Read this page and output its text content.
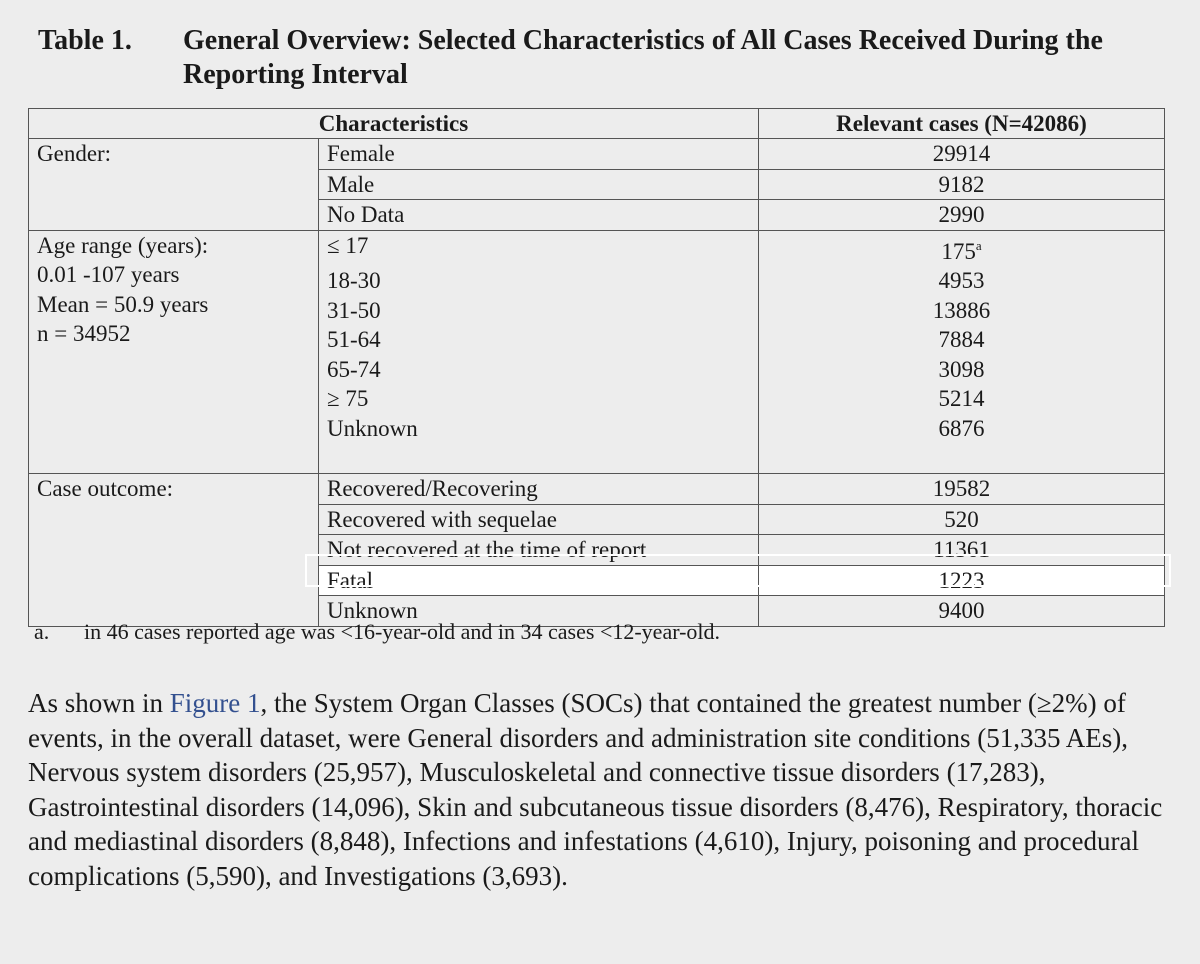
Table 1. General Overview: Selected Characteristics of All Cases Received During the Reporting Interval
Characteristics		Relevant cases (N=42086)
Gender:	Female	29914
	Male	9182
	No Data	2990

Age range (years):
0.01 -107 years
Mean = 50.9 years
n = 34952	≤ 17	175$^a$
	18-30	4953
	31-50	13886
	51-64	7884
	65-74	3098
	≥ 75	5214
	Unknown	6876

Case outcome:	Recovered/Recovering	19582
	Recovered with sequelae	520
	Not recovered at the time of report	11361
	Fatal	1223
	Unknown	9400
a. in 46 cases reported age was <16-year-old and in 34 cases <12-year-old.
As shown in Figure 1, the System Organ Classes (SOCs) that contained the greatest number (≥2%) of events, in the overall dataset, were General disorders and administration site conditions (51,335 AEs), Nervous system disorders (25,957), Musculoskeletal and connective tissue disorders (17,283), Gastrointestinal disorders (14,096), Skin and subcutaneous tissue disorders (8,476), Respiratory, thoracic and mediastinal disorders (8,848), Infections and infestations (4,610), Injury, poisoning and procedural complications (5,590), and Investigations (3,693).
